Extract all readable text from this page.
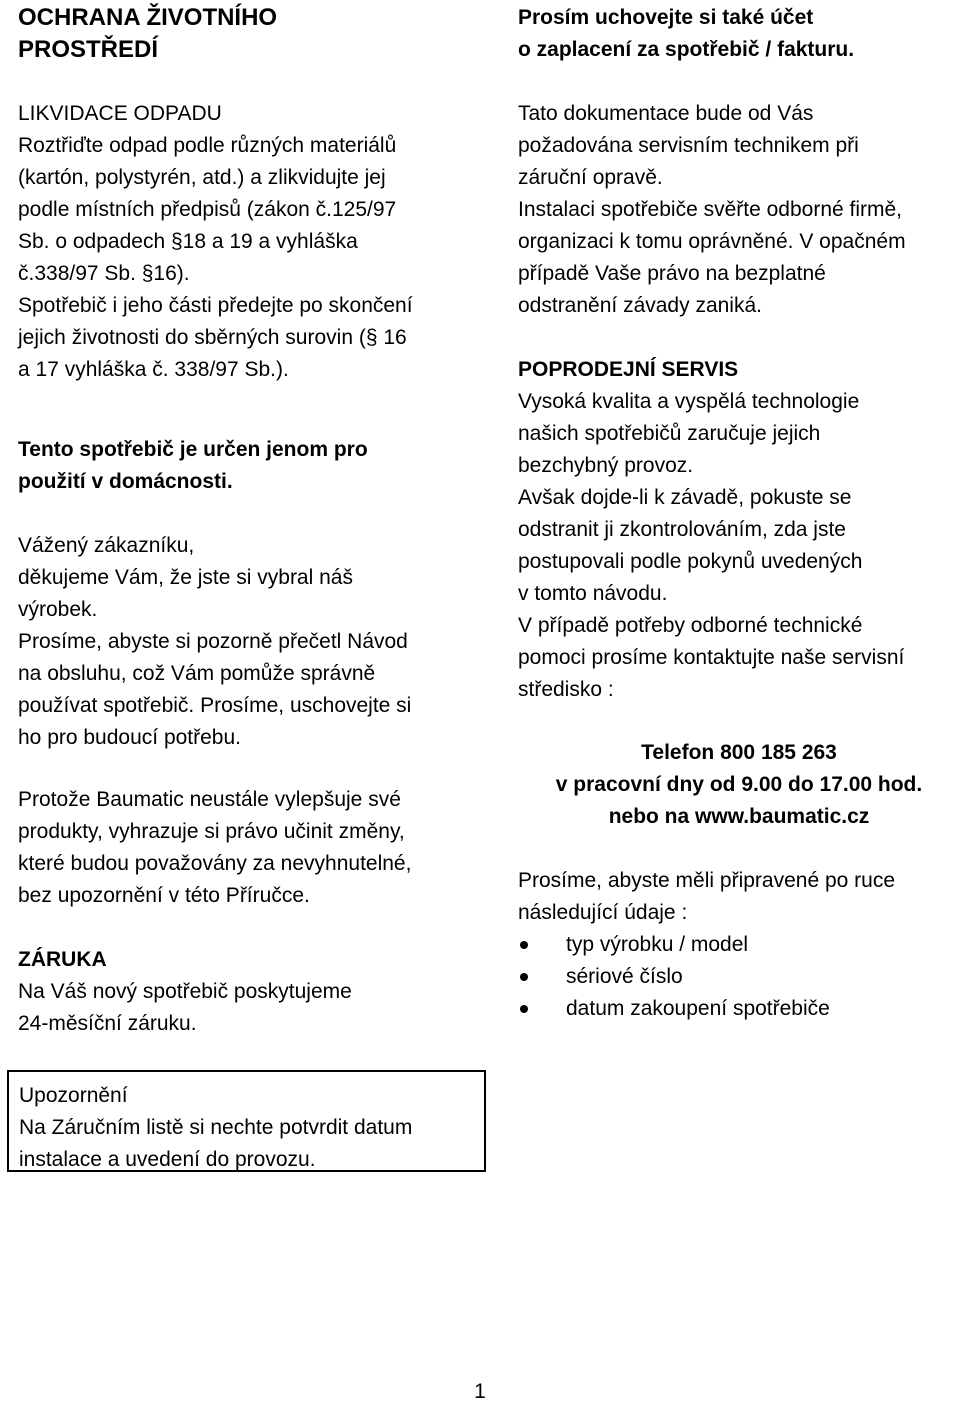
OCHRANA ŽIVOTNÍHO
PROSTŘEDÍ
LIKVIDACE ODPADU
Roztřiďte odpad podle různých materiálů
(kartón, polystyrén, atd.) a zlikvidujte jej
podle místních předpisů (zákon č.125/97
Sb. o odpadech §18 a 19 a vyhláška
č.338/97 Sb. §16).
Spotřebič i jeho části předejte po skončení
jejich životnosti do sběrných surovin (§ 16
a 17 vyhláška č. 338/97 Sb.).
Tento spotřebič je určen jenom pro
použití v domácnosti.
Vážený zákazníku,
děkujeme Vám, že jste si vybral náš
výrobek.
Prosíme, abyste si pozorně přečetl Návod
na obsluhu, což Vám pomůže správně
používat spotřebič. Prosíme, uschovejte si
ho pro budoucí potřebu.
Protože Baumatic neustále vylepšuje své
produkty, vyhrazuje si právo učinit změny,
které budou považovány za nevyhnutelné,
bez upozornění v této Příručce.
ZÁRUKA
Na Váš nový spotřebič poskytujeme
24-měsíční záruku.
Upozornění
Na Záručním listě si nechte potvrdit datum
instalace a uvedení do provozu.
Prosím uchovejte si také účet
o zaplacení za spotřebič / fakturu.
Tato dokumentace bude od Vás
požadována servisním technikem při
záruční opravě.
Instalaci spotřebiče svěřte odborné firmě,
organizaci k tomu oprávněné. V opačném
případě Vaše právo na bezplatné
odstranění závady zaniká.
POPRODEJNÍ SERVIS
Vysoká kvalita a vyspělá technologie
našich spotřebičů zaručuje jejich
bezchybný provoz.
Avšak dojde-li k závadě, pokuste se
odstranit ji zkontrolováním, zda jste
postupovali podle pokynů uvedených
v tomto návodu.
V případě potřeby odborné technické
pomoci prosíme kontaktujte naše servisní
středisko :
Telefon 800 185 263
v pracovní dny od 9.00 do 17.00 hod.
nebo na www.baumatic.cz
Prosíme, abyste měli připravené po ruce
následující údaje :
typ výrobku / model
sériové číslo
datum zakoupení spotřebiče
1
